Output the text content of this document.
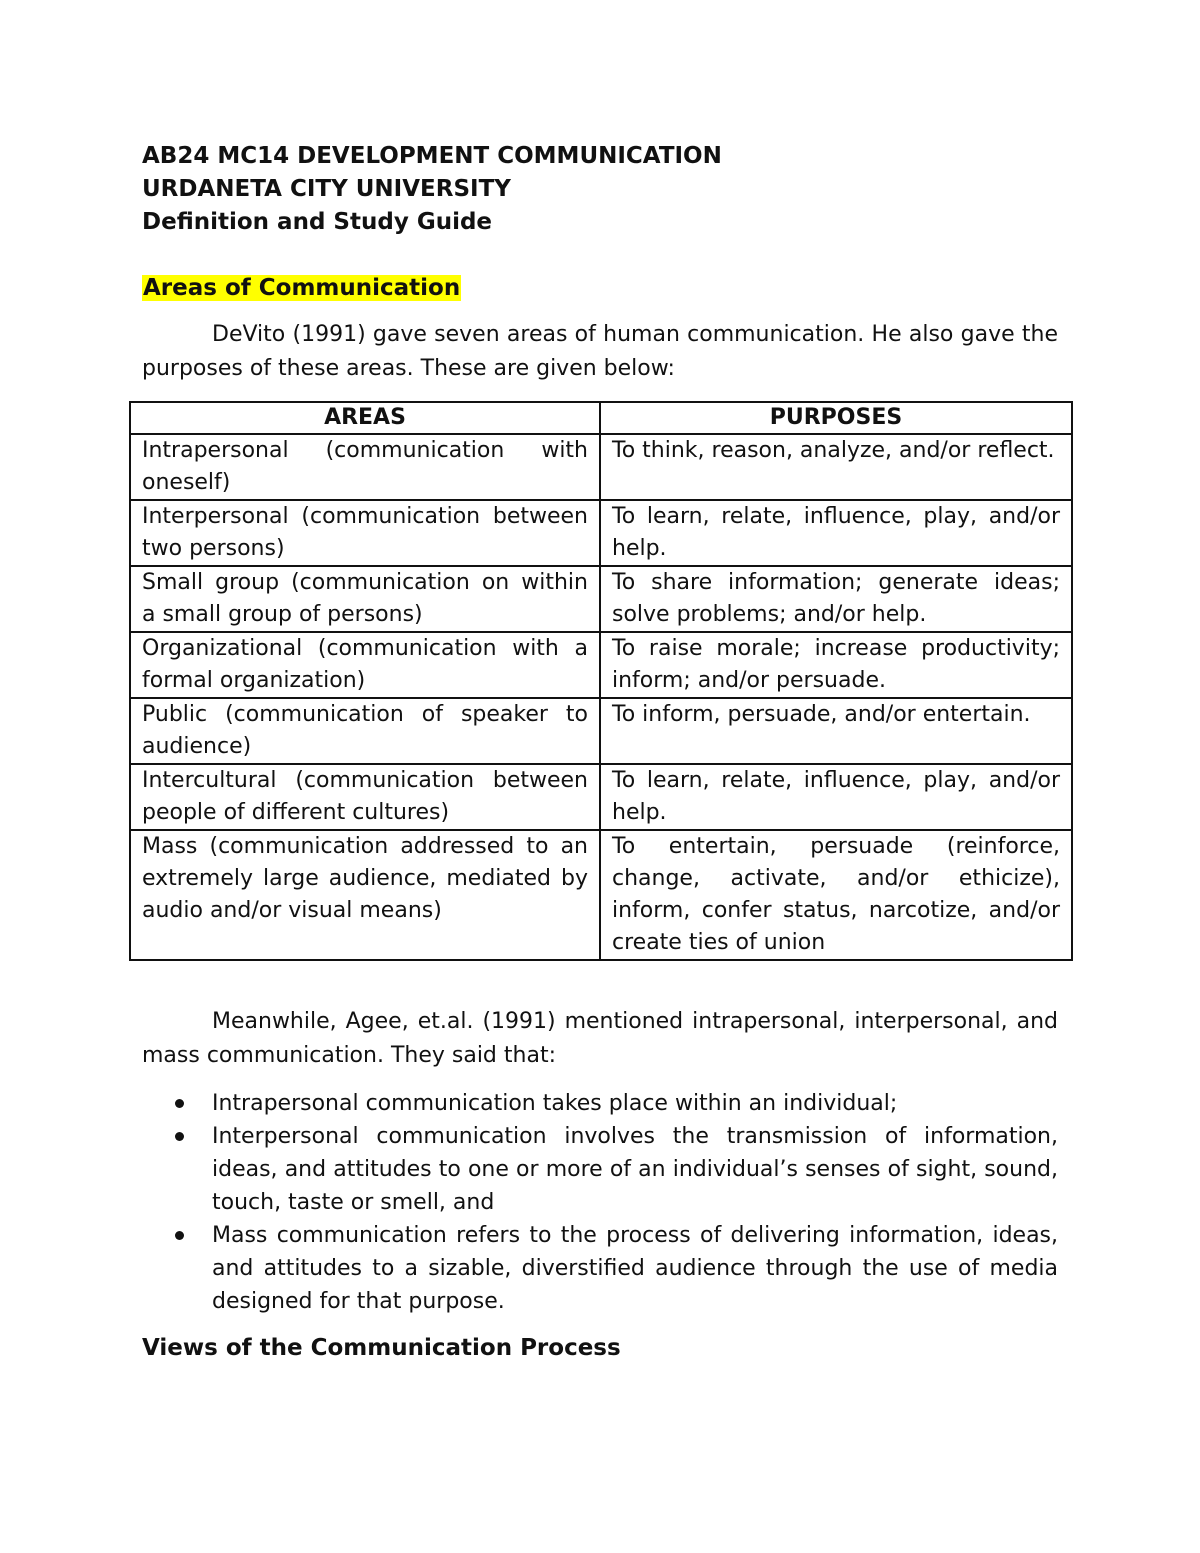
AB24 MC14 DEVELOPMENT COMMUNICATION

URDANETA CITY UNIVERSITY

Definition and Study Guide

Areas of Communication

DeVito (1991) gave seven areas of human communication. He also gave the purposes of these areas. These are given below:

AREAS	PURPOSES
Intrapersonal (communication with oneself)	To think, reason, analyze, and/or reflect.
Interpersonal (communication between two persons)	To learn, relate, influence, play, and/or help.
Small group (communication on within a small group of persons)	To share information; generate ideas; solve problems; and/or help.
Organizational (communication with a formal organization)	To raise morale; increase productivity; inform; and/or persuade.
Public (communication of speaker to audience)	To inform, persuade, and/or entertain.
Intercultural (communication between people of different cultures)	To learn, relate, influence, play, and/or help.
Mass (communication addressed to an extremely large audience, mediated by audio and/or visual means)	To entertain, persuade (reinforce, change, activate, and/or ethicize), inform, confer status, narcotize, and/or create ties of union

Meanwhile, Agee, et.al. (1991) mentioned intrapersonal, interpersonal, and mass communication. They said that:

Intrapersonal communication takes place within an individual;
Interpersonal communication involves the transmission of information, ideas, and attitudes to one or more of an individual’s senses of sight, sound, touch, taste or smell, and
Mass communication refers to the process of delivering information, ideas, and attitudes to a sizable, diverstified audience through the use of media designed for that purpose.

Views of the Communication Process
